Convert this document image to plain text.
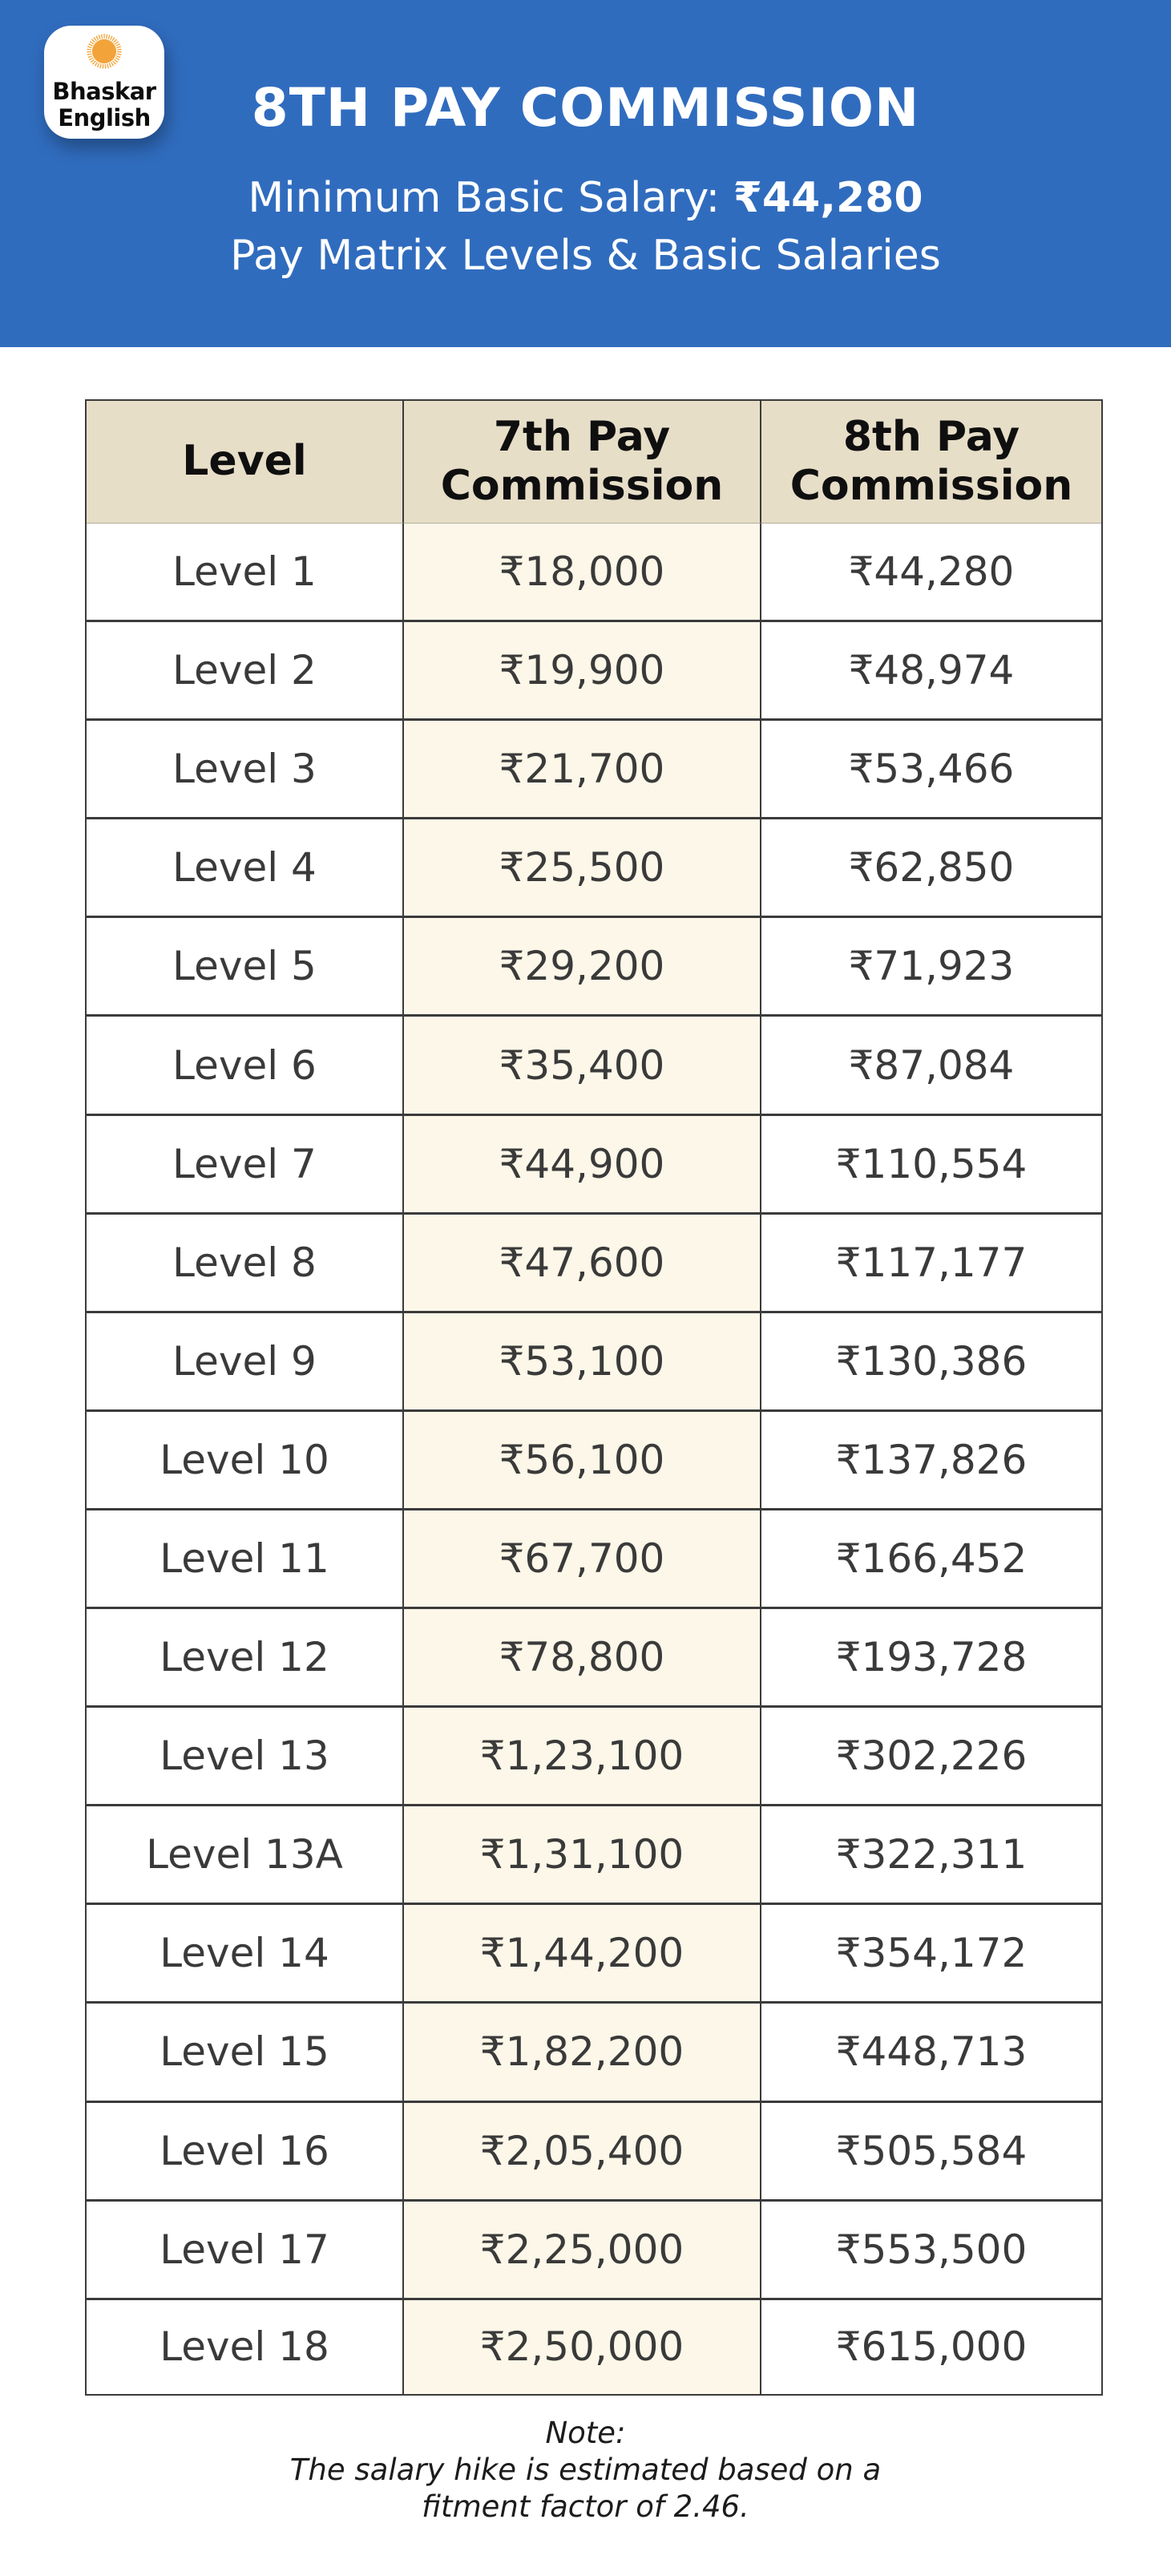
Bhaskar
English	8TH PAY COMMISSION

Minimum Basic Salary: ₹44,280

Pay Matrix Levels & Basic Salaries

Level	7th Pay Commission	8th Pay Commission
Level 1	₹18,000	₹44,280
Level 2	₹19,900	₹48,974
Level 3	₹21,700	₹53,466
Level 4	₹25,500	₹62,850
Level 5	₹29,200	₹71,923
Level 6	₹35,400	₹87,084
Level 7	₹44,900	₹110,554
Level 8	₹47,600	₹117,177
Level 9	₹53,100	₹130,386
Level 10	₹56,100	₹137,826
Level 11	₹67,700	₹166,452
Level 12	₹78,800	₹193,728
Level 13	₹1,23,100	₹302,226
Level 13A	₹1,31,100	₹322,311
Level 14	₹1,44,200	₹354,172
Level 15	₹1,82,200	₹448,713
Level 16	₹2,05,400	₹505,584
Level 17	₹2,25,000	₹553,500
Level 18	₹2,50,000	₹615,000
Note:
The salary hike is estimated based on a
fitment factor of 2.46.
